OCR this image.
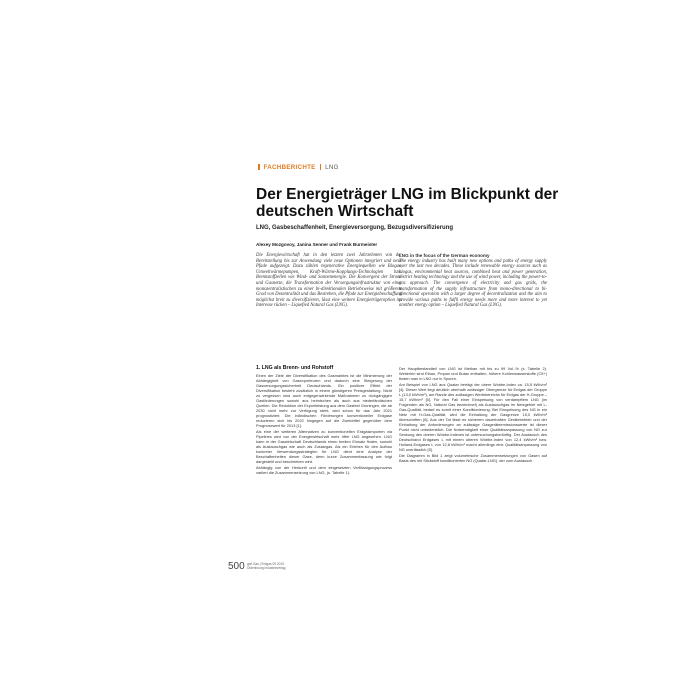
FACHBERICHTE LNG
Der Energieträger LNG im Blickpunkt der deutschen Wirtschaft
LNG, Gasbeschaffenheit, Energieversorgung, Bezugsdiversifizierung
Alexey Mozgovoy, Janina Senner und Frank Burmeister

Die Energiewirtschaft hat in den letzten zwei Jahrzehnten von der Bereitstellung bis zur Anwendung viele neue Optionen integriert und neue Pfade aufgezeigt. Dazu zählen regenerative Energiequellen wie Biogas, Umweltwärmepumpen, Kraft-Wärme-Kopplungs-Technologien bzw. Brennstoffzellen wie Wind- und Sonnenenergie. Die Konvergenz der Strom- und Gasnetze, die Transformation der Versorgungsinfrastruktur von einer monozentralistischen zu einer bi-direktionalen Betriebsweise mit größerem Grad von Dezentralität und das Bestreben, die Pfade zur Energiebeschaffung möglichst breit zu diversifizieren, lässt eine weitere Energieträgeroption ins Interesse rücken – Liquefied Natural Gas (LNG).

LNG in the focus of the German economy
The energy industry has built many new options and paths of energy supply over the last two decades. These include renewable energy sources such as biogas, environmental heat sources, combined heat and power generation, district heating technology and the use of wind power, including the power-to-gas approach. The convergence of electricity and gas grids, the transformation of the supply infrastructure from mono-directional to bi-directional operation with a larger degree of decentralization and the aim to provide various paths to fulfil energy needs more and more interest to yet another energy option – Liquefied Natural Gas (LNG).

1. LNG als Brenn- und Rohstoff

Einen der Ziele der Diversifikation des Gasmarktes ist die Minimierung der Abhängigkeit von Gasexporteuren und dadurch eine Steigerung der Gasversorgungssicherheit Deutschlands. Ein positiver Effekt der Diversifikation besteht zusätzlich in einem günstigeren Preisgestaltung. Nicht zu vergessen sind auch entgegenwirkende Maßnahmen zu rückgängigen Gasförderungen sowohl aus heimischen als auch aus niederländischen Quellen. Die Reduktion der Exportleistung aus dem Gasfeld Groningen, die ab 2030 nicht mehr zur Verfügung steht, wird schon für das Jahr 2021 prognostiziert. Die inländischen Förderungen konventioneller Erdgase reduzieren sich bis 2022 hingegen auf die Zweidrittel gegenüber dem Prognosewert für 2013 [1].

Als eine der weiteren Alternativen zu konventionellen Erdgasimporten via Pipelines wird von der Energiewirtschaft mehr öfter LNG angesehen. LNG kann in der Gaswirtschaft Deutschlands einen breiten Einsatz finden, sowohl als Austauschgas wie auch als Zusatzgas. Als ein Erleben für den Aufbau konkreter Verwendungsstrategien für LNG dient eine Analyse der Beschaffenheiten dieser Gase, denn kurze Zusammenfassung wie folgt dargestellt und beschrieben wird.

Abhängig von der Herkunft und dem eingesetzten Verflüssigungsprozess variiert die Zusammensetzung von LNG, (s. Tabelle 1).

Der Hauptbestandteil von LNG ist Methan mit bis zu 99 Vol.-% (s. Tabelle 2). Weiterhin sind Ethan, Propan und Butan enthalten, höhere Kohlenwasserstoffe (C5+) finden man in LNG nur in Spuren.

Am Beispiel von LNG aus Quatar beträgt der obere Wobbe-Index ca. 15,5 kWh/m³ [4]. Dieser Wert liegt deutlich oberhalb zulässiger Obergrenze für Erdgas der Gruppe L (13,0 kWh/m³), am Rande des zulässigen Wertebereichs für Erdgas der H-Gruppe – 15,7 kWh/m³ [5]. Für den Fall einer Einspeisung von verdampftem LNG (im Folgenden als NG, Natural Gas bezeichnet) als Austauschgas im Netzgebiet mit L-Gas-Qualität, bedarf es somit einer Konditionierung. Bei Einspeisung des NG in ein Netz mit H-Gas-Qualität, wird die Einhaltung der Gasgrenze 15,0 kWh/m³ überschritten [6]. Aus der Tat lässt es sicherem dauerhaften Gerätebetrieb und der Einhaltung der Anforderungen an zulässige Gasgeräteemissionswerte ist dieser Punkt nicht unbedenklich. Die Notwendigkeit einer Qualitätsanpassung von NG zur Senkung des oberen Wobbe-Indexes ist untersuchungsbedürftig. Der Austausch des Deutschland Erdgases L mit einem oberen Wobbe-Index von 12,4 kWh/m³ bzw. Holland-Erdgases L von 12,8 kWh/m³ macht allerdings eine Qualitätsanpassung von NG unerlässlich [5].

Die Diagramm in Bild 1 zeigt volumetrische Zusammensetzungen von Gasen auf Basis des mit Stickstoff konditionierten NG (Quatar-LNG), der zum Austausch

500 gwf-Gas | Erdgas 09 2015 Oldenbourg Industrieverlag
